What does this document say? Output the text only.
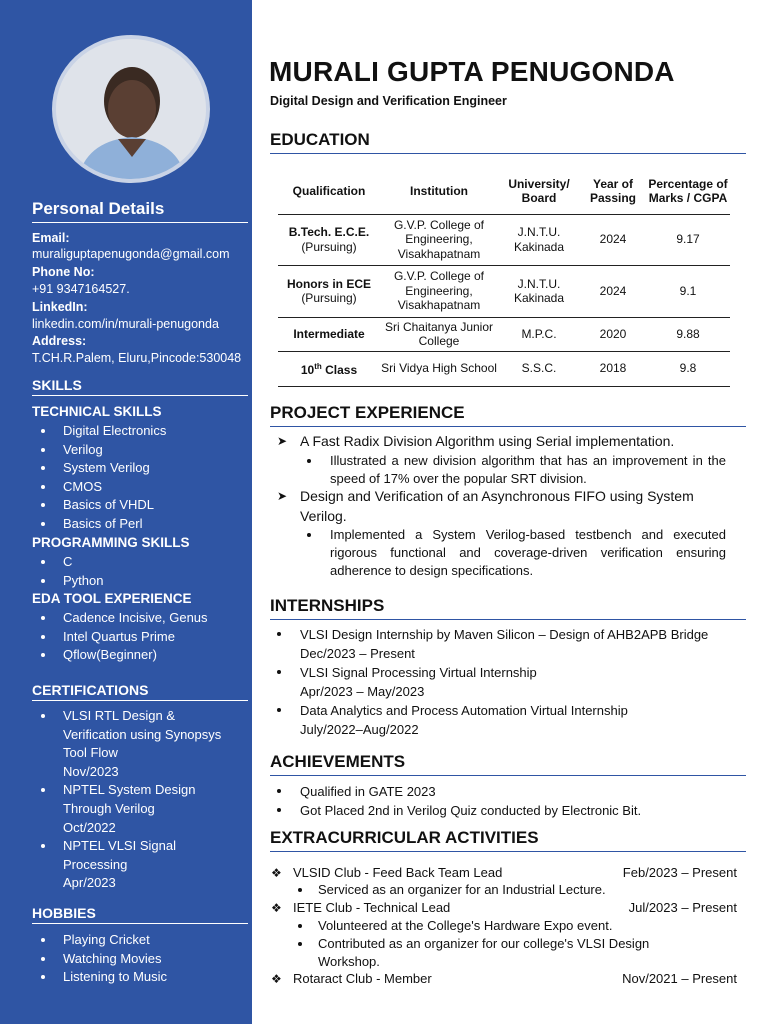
Personal Details
Email:
muraliguptapenugonda@gmail.com
Phone No:
+91 9347164527.
LinkedIn:
linkedin.com/in/murali-penugonda
Address:
T.CH.R.Palem, Eluru,Pincode:530048
SKILLS
TECHNICAL SKILLS
Digital Electronics
Verilog
System Verilog
CMOS
Basics of VHDL
Basics of Perl
PROGRAMMING SKILLS
C
Python
EDA TOOL EXPERIENCE
Cadence Incisive, Genus
Intel Quartus Prime
Qflow(Beginner)
CERTIFICATIONS
VLSI RTL Design &
Verification using Synopsys
Tool Flow
Nov/2023
NPTEL System Design
Through Verilog
Oct/2022
NPTEL VLSI Signal
Processing
Apr/2023
HOBBIES
Playing Cricket
Watching Movies
Listening to Music
MURALI GUPTA PENUGONDA
Digital Design and Verification Engineer
EDUCATION
Qualification	Institution	University/ Board	Year of Passing	Percentage of Marks / CGPA
B.Tech. E.C.E.
(Pursuing)	G.V.P. College of Engineering, Visakhapatnam	J.N.T.U. Kakinada	2024	9.17
Honors in ECE
(Pursuing)	G.V.P. College of Engineering, Visakhapatnam	J.N.T.U. Kakinada	2024	9.1
Intermediate	Sri Chaitanya Junior College	M.P.C.	2020	9.88
10th Class	Sri Vidya High School	S.S.C.	2018	9.8
PROJECT EXPERIENCE
➤ A Fast Radix Division Algorithm using Serial implementation.
Illustrated a new division algorithm that has an improvement in the speed of 17% over the popular SRT division.
➤ Design and Verification of an Asynchronous FIFO using System Verilog.
Implemented a System Verilog-based testbench and executed rigorous functional and coverage-driven verification ensuring adherence to design specifications.
INTERNSHIPS
VLSI Design Internship by Maven Silicon – Design of AHB2APB Bridge
Dec/2023 – Present
VLSI Signal Processing Virtual Internship
Apr/2023 – May/2023
Data Analytics and Process Automation Virtual Internship
July/2022–Aug/2022
ACHIEVEMENTS
Qualified in GATE 2023
Got Placed 2nd in Verilog Quiz conducted by Electronic Bit.
EXTRACURRICULAR ACTIVITIES
❖ VLSID Club - Feed Back Team Lead	Feb/2023 – Present
Serviced as an organizer for an Industrial Lecture.
❖ IETE Club - Technical Lead	Jul/2023 – Present
Volunteered at the College's Hardware Expo event.
Contributed as an organizer for our college's VLSI Design Workshop.
❖ Rotaract Club - Member	Nov/2021 – Present
